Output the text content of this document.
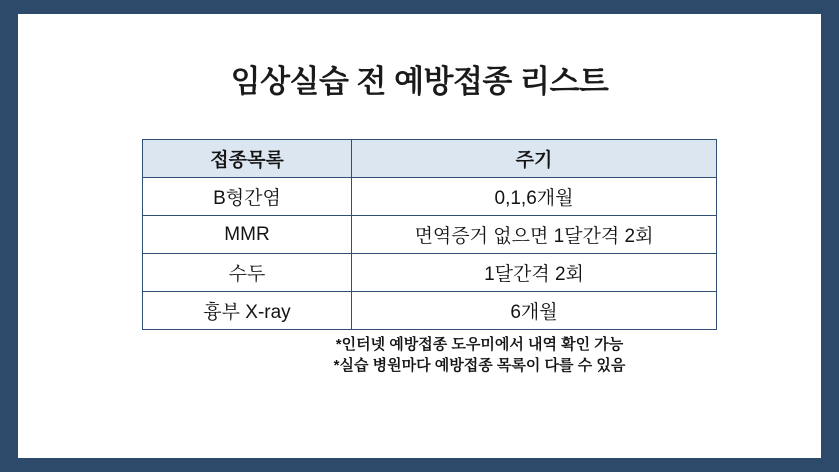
임상실습 전 예방접종 리스트
접종목록	주기
B형간염	0,1,6개월
MMR	면역증거 없으면 1달간격 2회
수두	1달간격 2회
흉부 X-ray	6개월
*인터넷 예방접종 도우미에서 내역 확인 가능
*실습 병원마다 예방접종 목록이 다를 수 있음
